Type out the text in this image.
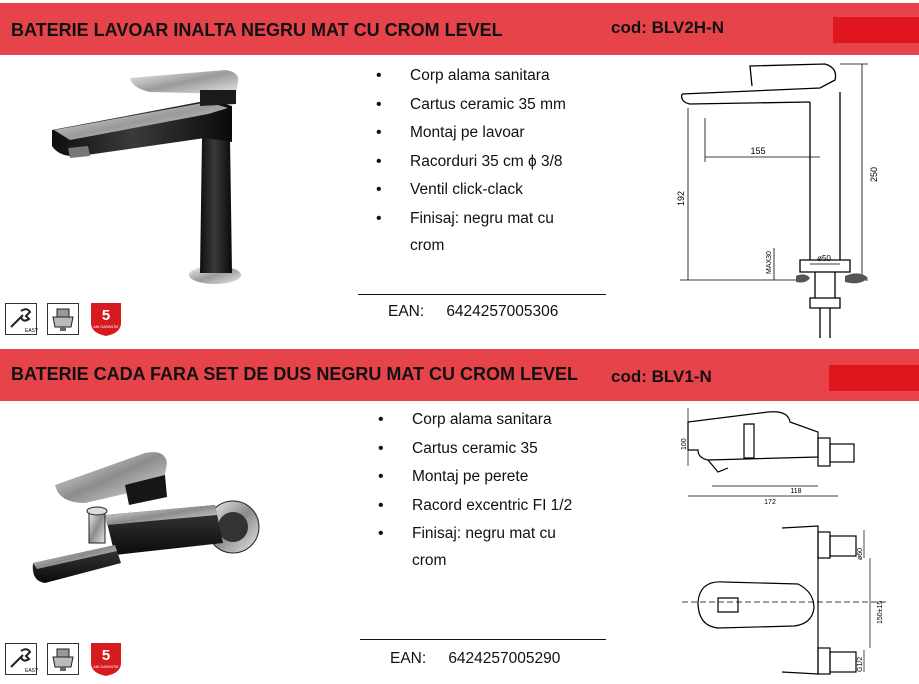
BATERIE LAVOAR INALTA NEGRU MAT CU CROM LEVEL	cod: BLV2H-N
• Corp alama sanitara
• Cartus ceramic 35 mm
• Montaj pe lavoar
• Racorduri 35 cm ϕ 3/8
• Ventil click-clack
• Finisaj: negru mat cu crom
EAN: 6424257005306
155
192
250
MAX30	ø50
EASY
5
ANI GARANTIE
BATERIE CADA FARA SET DE DUS NEGRU MAT CU CROM LEVEL cod: BLV1-N
• Corp alama sanitara
• Cartus ceramic 35
• Montaj pe perete
• Racord excentric FI 1/2
• Finisaj: negru mat cu crom
EAN: 6424257005290
100
118
172
ø60
150±15
G1/2
EASY
5
ANI GARANTIE
